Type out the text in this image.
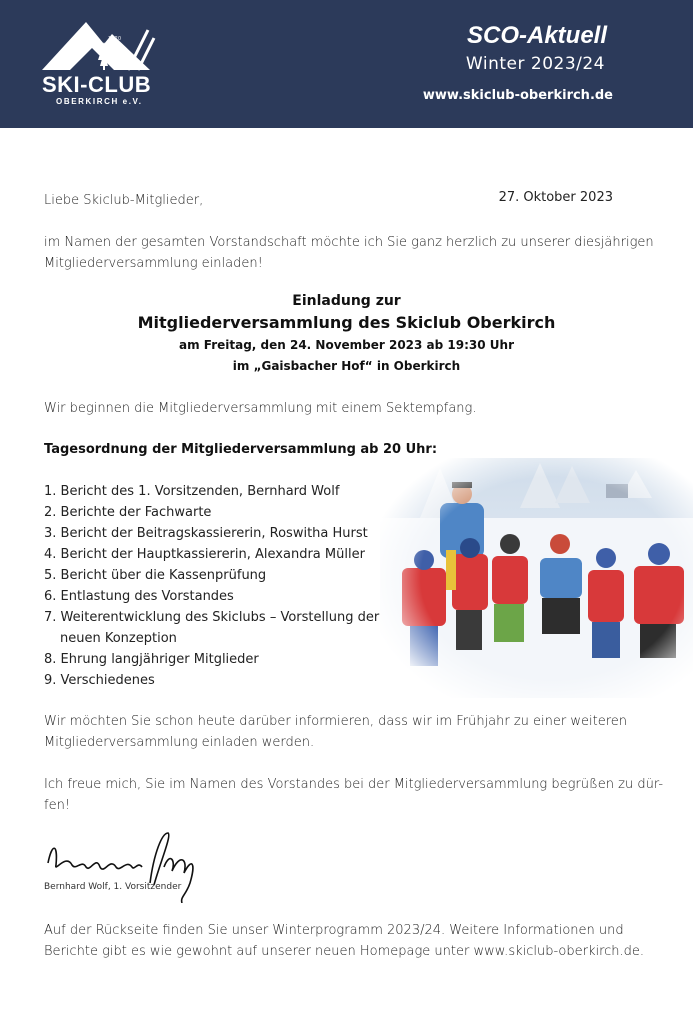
SEIT 1920
SKI-CLUB
OBERKIRCH e.V.
SCO-Aktuell
Winter 2023/24
www.skiclub-oberkirch.de
Liebe Skiclub-Mitglieder,	27. Oktober 2023
im Namen der gesamten Vorstandschaft möchte ich Sie ganz herzlich zu unserer diesjährigen
Mitgliederversammlung einladen!
Einladung zur
Mitgliederversammlung des Skiclub Oberkirch
am Freitag, den 24. November 2023 ab 19:30 Uhr
im „Gaisbacher Hof“ in Oberkirch
Wir beginnen die Mitgliederversammlung mit einem Sektempfang.
Tagesordnung der Mitgliederversammlung ab 20 Uhr:
1. Bericht des 1. Vorsitzenden, Bernhard Wolf
2. Berichte der Fachwarte
3. Bericht der Beitragskassiererin, Roswitha Hurst
4. Bericht der Hauptkassiererin, Alexandra Müller
5. Bericht über die Kassenprüfung
6. Entlastung des Vorstandes
7. Weiterentwicklung des Skiclubs – Vorstellung der
neuen Konzeption
8. Ehrung langjähriger Mitglieder
9. Verschiedenes
Wir möchten Sie schon heute darüber informieren, dass wir im Frühjahr zu einer weiteren
Mitgliederversammlung einladen werden.
Ich freue mich, Sie im Namen des Vorstandes bei der Mitgliederversammlung begrüßen zu dür-
fen!
Bernhard Wolf, 1. Vorsitzender
Auf der Rückseite finden Sie unser Winterprogramm 2023/24. Weitere Informationen und
Berichte gibt es wie gewohnt auf unserer neuen Homepage unter www.skiclub-oberkirch.de.
